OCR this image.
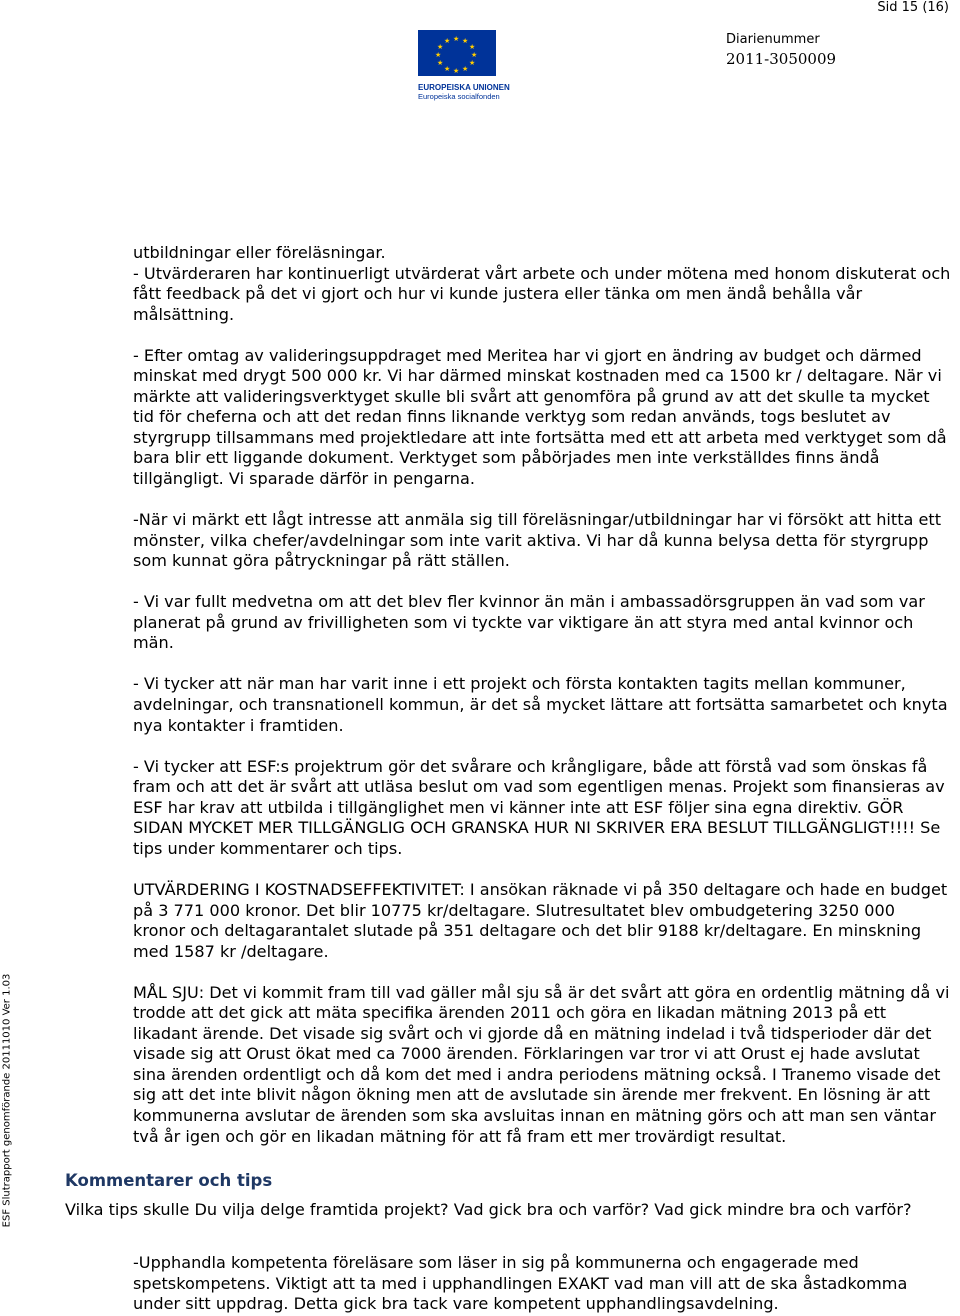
Sid 15 (16)
★ ★
★
★
★
★
★
★
★
★
★
★
EUROPEISKA UNIONEN
Europeiska socialfonden
Diarienummer
2011-3050009
ESF Slutrapport genomförande 20111010 Ver 1.03

utbildningar eller föreläsningar.
- Utvärderaren har kontinuerligt utvärderat vårt arbete och under mötena med honom diskuterat och fått feedback på det vi gjort och hur vi kunde justera eller tänka om men ändå behålla vår målsättning.

- Efter omtag av valideringsuppdraget med Meritea har vi gjort en ändring av budget och därmed minskat med drygt 500 000 kr. Vi har därmed minskat kostnaden med ca 1500 kr / deltagare. När vi märkte att valideringsverktyget skulle bli svårt att genomföra på grund av att det skulle ta mycket tid för cheferna och att det redan finns liknande verktyg som redan används, togs beslutet av styrgrupp tillsammans med projektledare att inte fortsätta med ett att arbeta med verktyget som då bara blir ett liggande dokument. Verktyget som påbörjades men inte verkställdes finns ändå tillgängligt. Vi sparade därför in pengarna.

-När vi märkt ett lågt intresse att anmäla sig till föreläsningar/utbildningar har vi försökt att hitta ett mönster, vilka chefer/avdelningar som inte varit aktiva. Vi har då kunna belysa detta för styrgrupp som kunnat göra påtryckningar på rätt ställen.

- Vi var fullt medvetna om att det blev fler kvinnor än män i ambassadörsgruppen än vad som var planerat på grund av frivilligheten som vi tyckte var viktigare än att styra med antal kvinnor och män.

- Vi tycker att när man har varit inne i ett projekt och första kontakten tagits mellan kommuner, avdelningar, och transnationell kommun, är det så mycket lättare att fortsätta samarbetet och knyta nya kontakter i framtiden.

- Vi tycker att ESF:s projektrum gör det svårare och krångligare, både att förstå vad som önskas få fram och att det är svårt att utläsa beslut om vad som egentligen menas. Projekt som finansieras av ESF har krav att utbilda i tillgänglighet men vi känner inte att ESF följer sina egna direktiv. GÖR SIDAN MYCKET MER TILLGÄNGLIG OCH GRANSKA HUR NI SKRIVER ERA BESLUT TILLGÄNGLIGT!!!! Se tips under kommentarer och tips.

UTVÄRDERING I KOSTNADSEFFEKTIVITET: I ansökan räknade vi på 350 deltagare och hade en budget på 3 771 000 kronor. Det blir 10775 kr/deltagare. Slutresultatet blev ombudgetering 3250 000 kronor och deltagarantalet slutade på 351 deltagare och det blir 9188 kr/deltagare. En minskning med 1587 kr /deltagare.

MÅL SJU: Det vi kommit fram till vad gäller mål sju så är det svårt att göra en ordentlig mätning då vi trodde att det gick att mäta specifika ärenden 2011 och göra en likadan mätning 2013 på ett likadant ärende. Det visade sig svårt och vi gjorde då en mätning indelad i två tidsperioder där det visade sig att Orust ökat med ca 7000 ärenden. Förklaringen var tror vi att Orust ej hade avslutat sina ärenden ordentligt och då kom det med i andra periodens mätning också. I Tranemo visade det sig att det inte blivit någon ökning men att de avslutade sin ärende mer frekvent. En lösning är att kommunerna avslutar de ärenden som ska avsluitas innan en mätning görs och att man sen väntar två år igen och gör en likadan mätning för att få fram ett mer trovärdigt resultat.

Kommentarer och tips
Vilka tips skulle Du vilja delge framtida projekt? Vad gick bra och varför? Vad gick mindre bra och varför?
-Upphandla kompetenta föreläsare som läser in sig på kommunerna och engagerade med spetskompetens. Viktigt att ta med i upphandlingen EXAKT vad man vill att de ska åstadkomma under sitt uppdrag. Detta gick bra tack vare kompetent upphandlingsavdelning.
